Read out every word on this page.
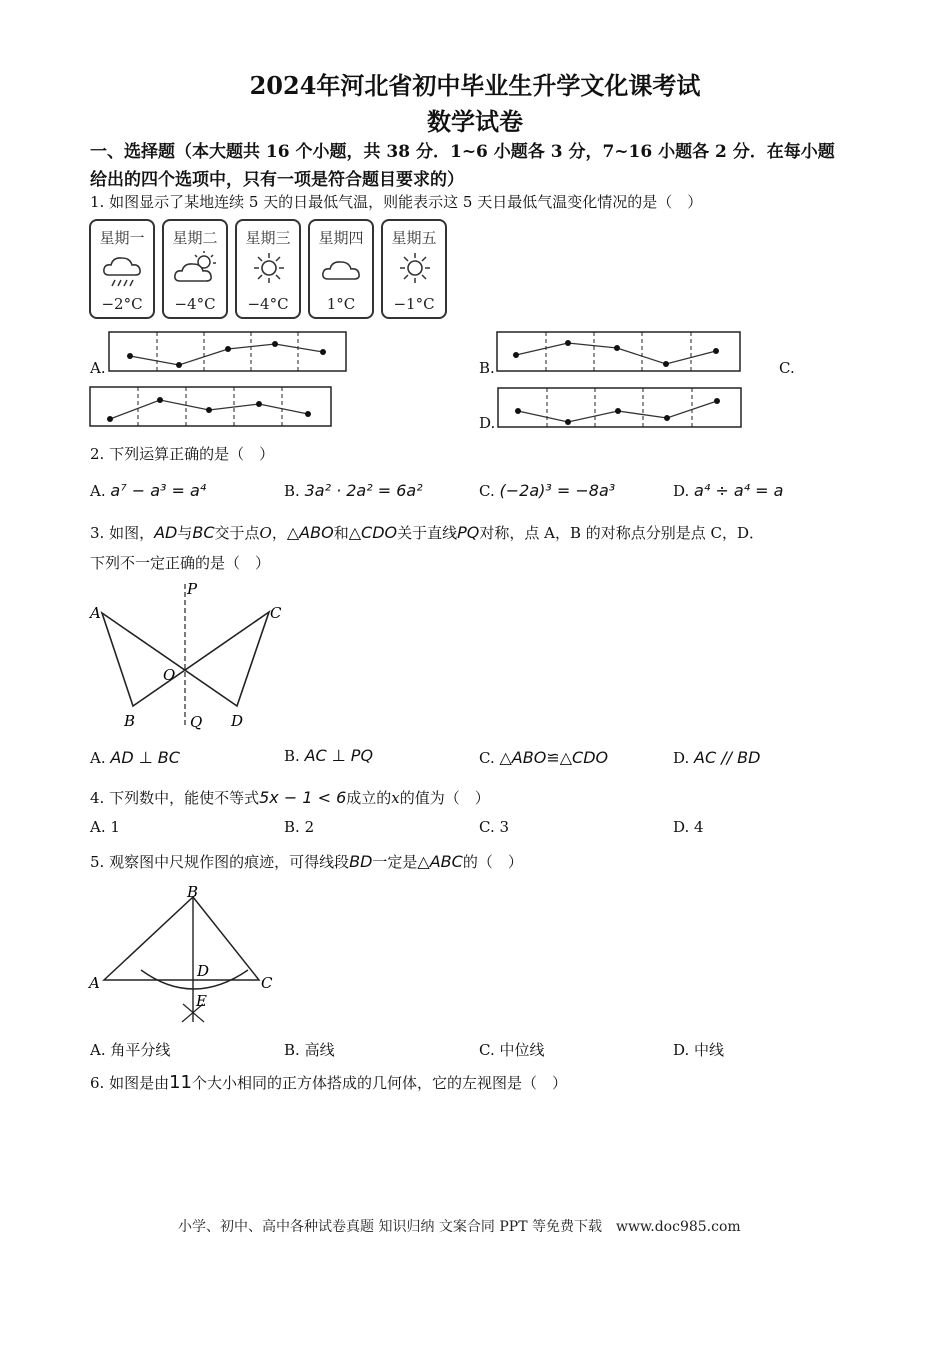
2024年河北省初中毕业生升学文化课考试
数学试卷
一、选择题（本大题共 16 个小题，共 38 分．1~6 小题各 3 分，7~16 小题各 2 分．在每小题
给出的四个选项中，只有一项是符合题目要求的）
1. 如图显示了某地连续 5 天的日最低气温，则能表示这 5 天日最低气温变化情况的是（　）
星期一
−2°C
星期二
−4°C
星期三
−4°C
星期四
1°C
星期五
−1°C
A.	B.	C.
D.
2. 下列运算正确的是（　）
A. a⁷ − a³ = a⁴	B. 3a² · 2a² = 6a²	C. (−2a)³ = −8a³	D. a⁴ ÷ a⁴ = a
3. 如图，AD与BC交于点O，△ABO和△CDO关于直线PQ对称，点 A，B 的对称点分别是点 C，D．
下列不一定正确的是（　）
P
Q
A
B
C
D
O
A. AD ⊥ BC	B. AC ⊥ PQ	C. △ABO≌△CDO	D. AC // BD
4. 下列数中，能使不等式5x − 1 < 6成立的x的值为（　）
A. 1	B. 2	C. 3	D. 4
5. 观察图中尺规作图的痕迹，可得线段BD一定是△ABC的（　）
B
A	C
D
E
A. 角平分线	B. 高线	C. 中位线	D. 中线
6. 如图是由11个大小相同的正方体搭成的几何体，它的左视图是（　）
小学、初中、高中各种试卷真题 知识归纳 文案合同 PPT 等免费下载　www.doc985.com
